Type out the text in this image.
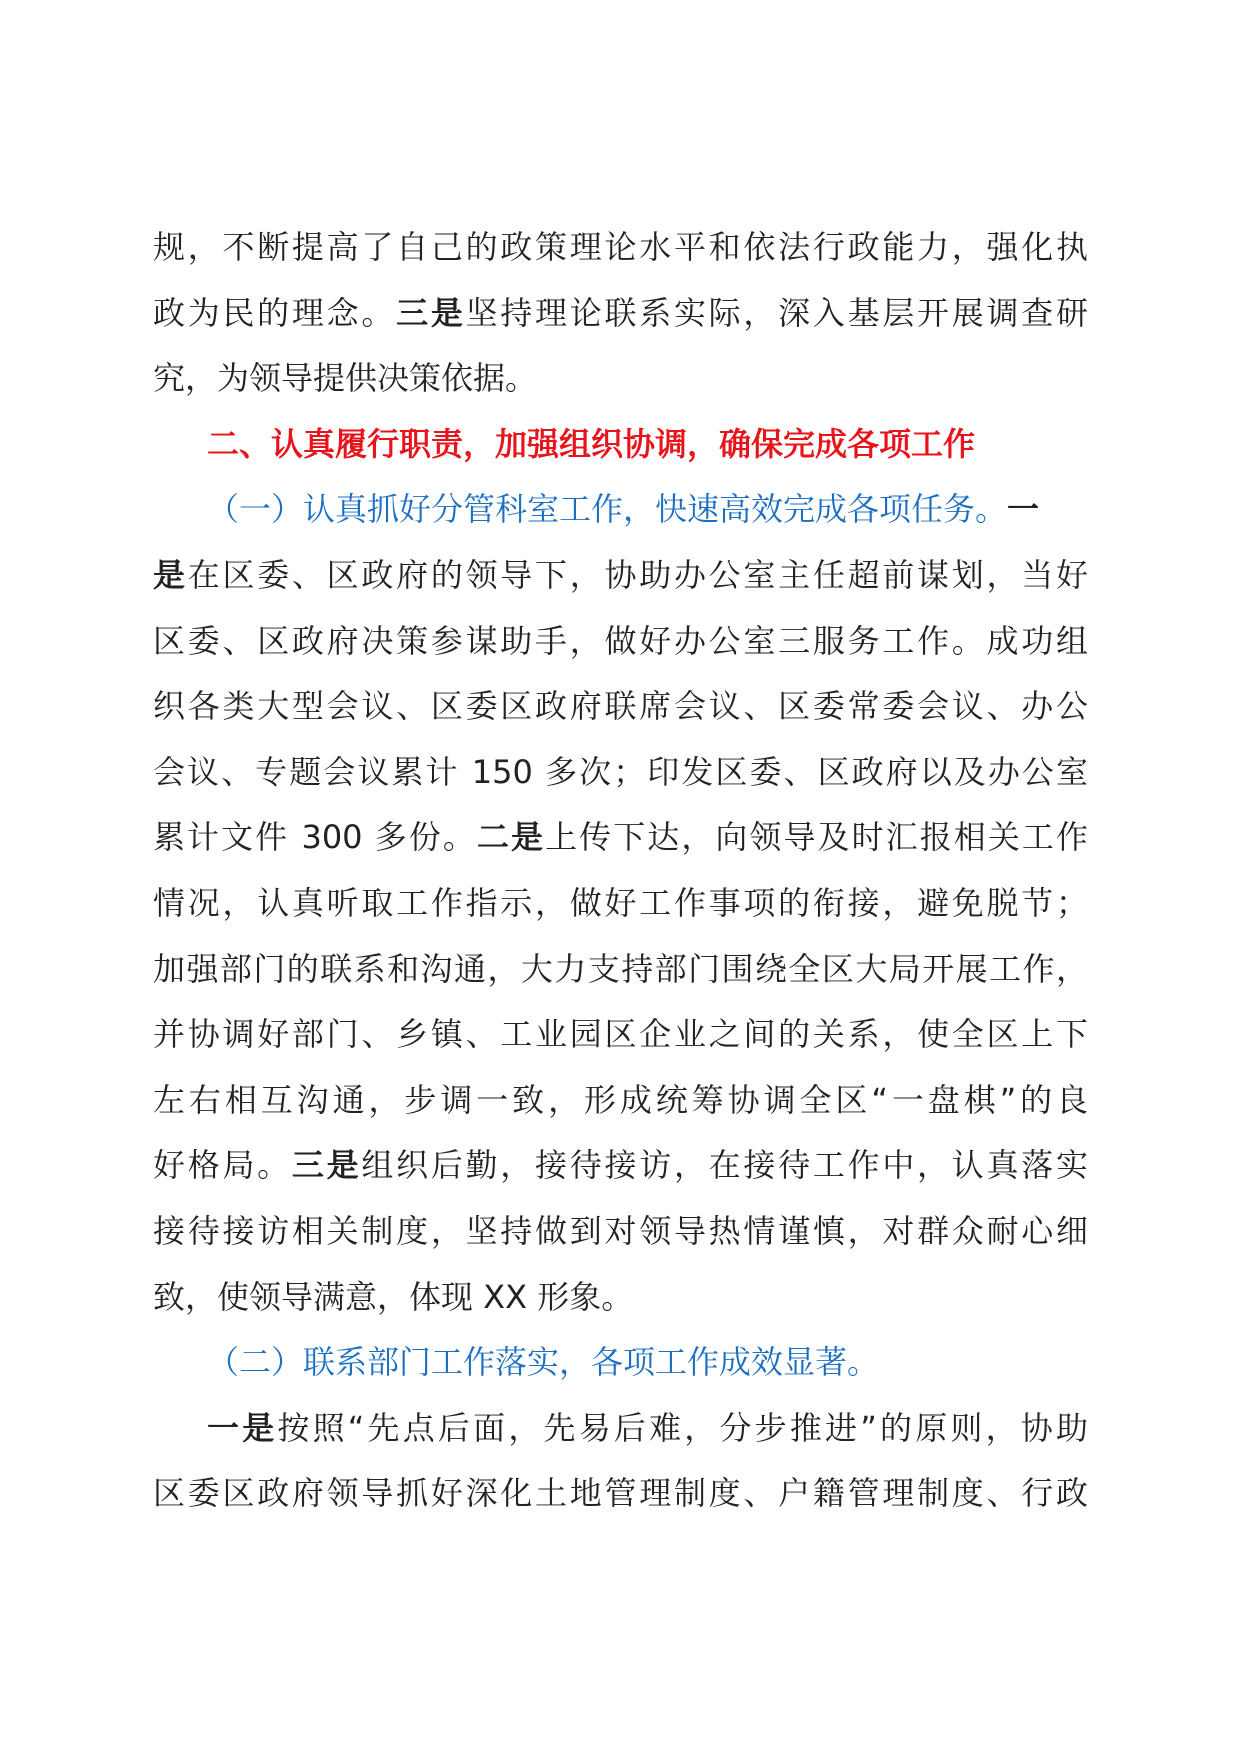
规，不断提高了自己的政策理论水平和依法行政能力，强化执
政为民的理念。三是坚持理论联系实际，深入基层开展调查研
究，为领导提供决策依据。
二、认真履行职责，加强组织协调，确保完成各项工作
（一）认真抓好分管科室工作，快速高效完成各项任务。一
是在区委、区政府的领导下，协助办公室主任超前谋划，当好
区委、区政府决策参谋助手，做好办公室三服务工作。成功组
织各类大型会议、区委区政府联席会议、区委常委会议、办公
会议、专题会议累计 150 多次；印发区委、区政府以及办公室
累计文件 300 多份。二是上传下达，向领导及时汇报相关工作
情况，认真听取工作指示，做好工作事项的衔接，避免脱节；
加强部门的联系和沟通，大力支持部门围绕全区大局开展工作，
并协调好部门、乡镇、工业园区企业之间的关系，使全区上下
左右相互沟通，步调一致，形成统筹协调全区“一盘棋”的良
好格局。三是组织后勤，接待接访，在接待工作中，认真落实
接待接访相关制度，坚持做到对领导热情谨慎，对群众耐心细
致，使领导满意，体现 XX 形象。
（二）联系部门工作落实，各项工作成效显著。
一是按照“先点后面，先易后难，分步推进”的原则，协助
区委区政府领导抓好深化土地管理制度、户籍管理制度、行政
